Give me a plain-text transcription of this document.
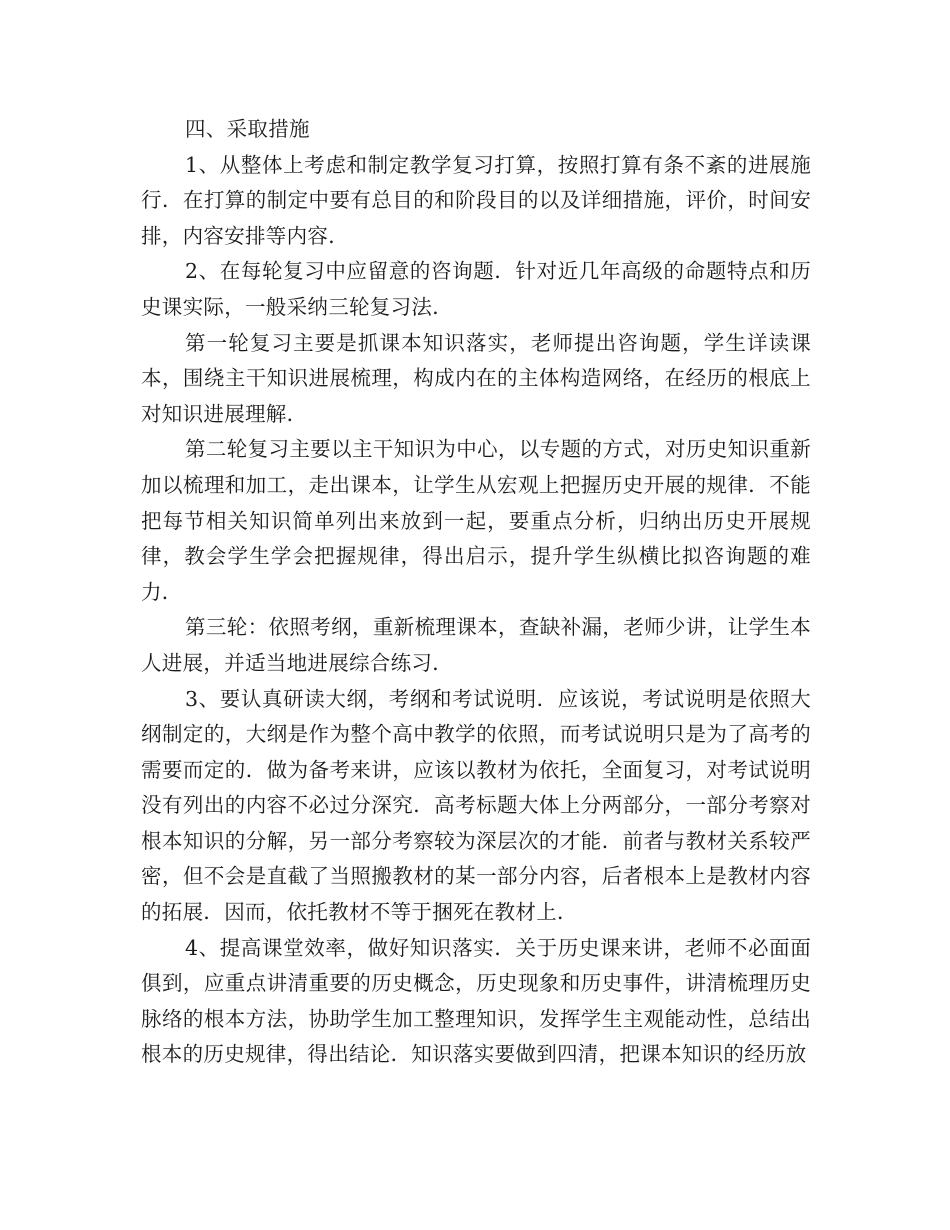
四、采取措施

1、从整体上考虑和制定教学复习打算，按照打算有条不紊的进展施行．在打算的制定中要有总目的和阶段目的以及详细措施，评价，时间安排，内容安排等内容．

2、在每轮复习中应留意的咨询题．针对近几年高级的命题特点和历史课实际，一般采纳三轮复习法．

第一轮复习主要是抓课本知识落实，老师提出咨询题，学生详读课本，围绕主干知识进展梳理，构成内在的主体构造网络，在经历的根底上对知识进展理解．

第二轮复习主要以主干知识为中心，以专题的方式，对历史知识重新加以梳理和加工，走出课本，让学生从宏观上把握历史开展的规律．不能把每节相关知识简单列出来放到一起，要重点分析，归纳出历史开展规律，教会学生学会把握规律，得出启示，提升学生纵横比拟咨询题的难力．

第三轮：依照考纲，重新梳理课本，查缺补漏，老师少讲，让学生本人进展，并适当地进展综合练习．

3、要认真研读大纲，考纲和考试说明．应该说，考试说明是依照大纲制定的，大纲是作为整个高中教学的依照，而考试说明只是为了高考的需要而定的．做为备考来讲，应该以教材为依托，全面复习，对考试说明没有列出的内容不必过分深究．高考标题大体上分两部分，一部分考察对根本知识的分解，另一部分考察较为深层次的才能．前者与教材关系较严密，但不会是直截了当照搬教材的某一部分内容，后者根本上是教材内容的拓展．因而，依托教材不等于捆死在教材上．

4、提高课堂效率，做好知识落实．关于历史课来讲，老师不必面面俱到，应重点讲清重要的历史概念，历史现象和历史事件，讲清梳理历史脉络的根本方法，协助学生加工整理知识，发挥学生主观能动性，总结出根本的历史规律，得出结论．知识落实要做到四清，把课本知识的经历放
